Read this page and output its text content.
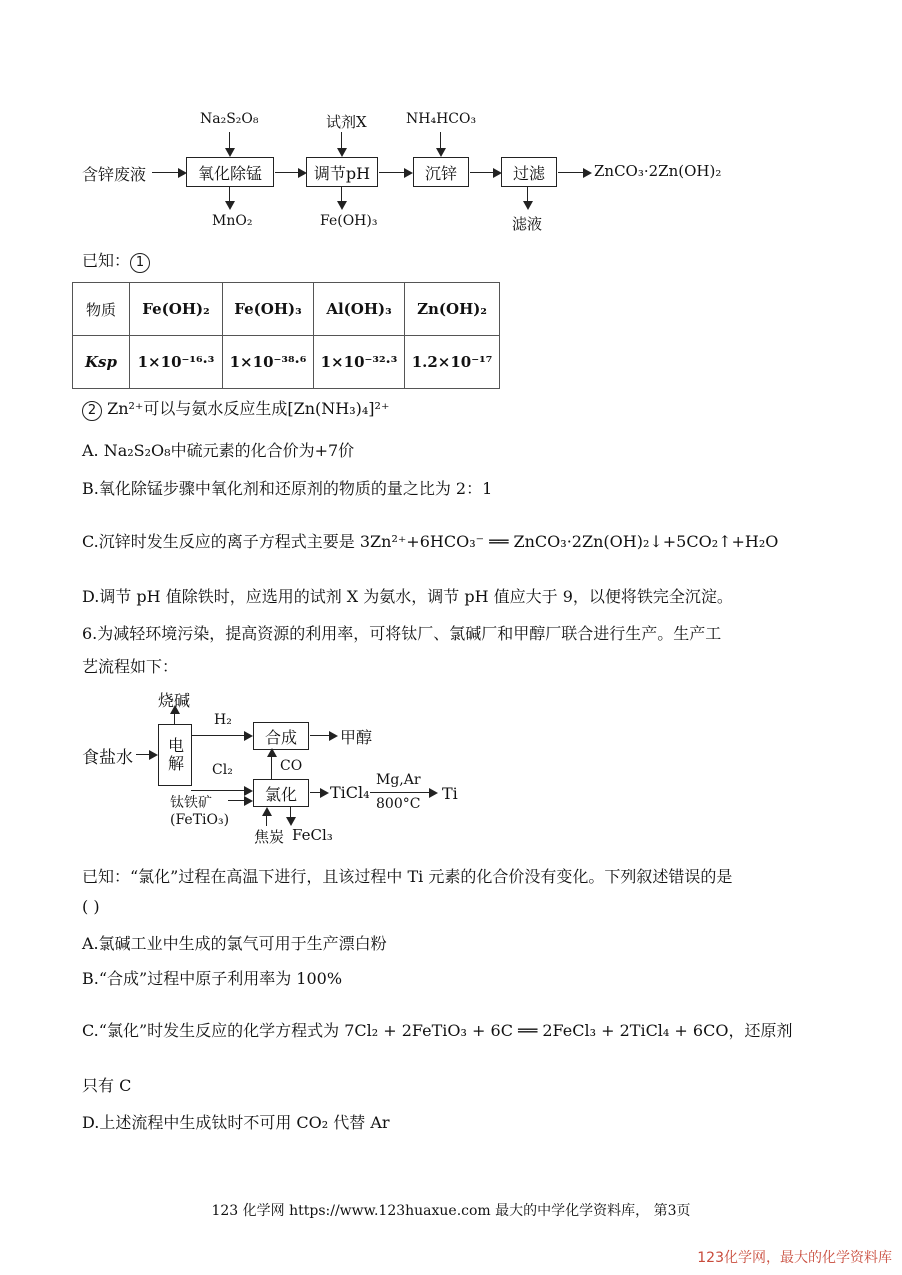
含锌废液	氧化除锰	调节pH	沉锌	过滤	ZnCO₃·2Zn(OH)₂
Na₂S₂O₈	试剂X	NH₄HCO₃
MnO₂	Fe(OH)₃	滤液
已知： 1
物质	Fe(OH)₂	Fe(OH)₃	Al(OH)₃	Zn(OH)₂
Ksp	1×10⁻¹⁶·³	1×10⁻³⁸·⁶	1×10⁻³²·³	1.2×10⁻¹⁷
2 Zn²⁺可以与氨水反应生成[Zn(NH₃)₄]²⁺
A. Na₂S₂O₈中硫元素的化合价为+7价
B.氧化除锰步骤中氧化剂和还原剂的物质的量之比为 2：1
C.沉锌时发生反应的离子方程式主要是 3Zn²⁺+6HCO₃⁻ ══ ZnCO₃·2Zn(OH)₂↓+5CO₂↑+H₂O
D.调节 pH 值除铁时，应选用的试剂 X 为氨水，调节 pH 值应大于 9，以便将铁完全沉淀。
6.为减轻环境污染，提高资源的利用率，可将钛厂、氯碱厂和甲醇厂联合进行生产。生产工
艺流程如下：
食盐水	电解
烧碱
H₂
合成	甲醇
Cl₂	CO
氯化	TiCl₄
Mg,Ar
800°C
Ti
钛铁矿
(FeTiO₃)
焦炭 FeCl₃
已知：“氯化”过程在高温下进行，且该过程中 Ti 元素的化合价没有变化。下列叙述错误的是
( )
A.氯碱工业中生成的氯气可用于生产漂白粉
B.“合成”过程中原子利用率为 100%
C.“氯化”时发生反应的化学方程式为 7Cl₂ + 2FeTiO₃ + 6C ══ 2FeCl₃ + 2TiCl₄ + 6CO，还原剂
只有 C
D.上述流程中生成钛时不可用 CO₂ 代替 Ar
123 化学网 https://www.123huaxue.com 最大的中学化学资料库， 第3页
123化学网，最大的化学资料库
